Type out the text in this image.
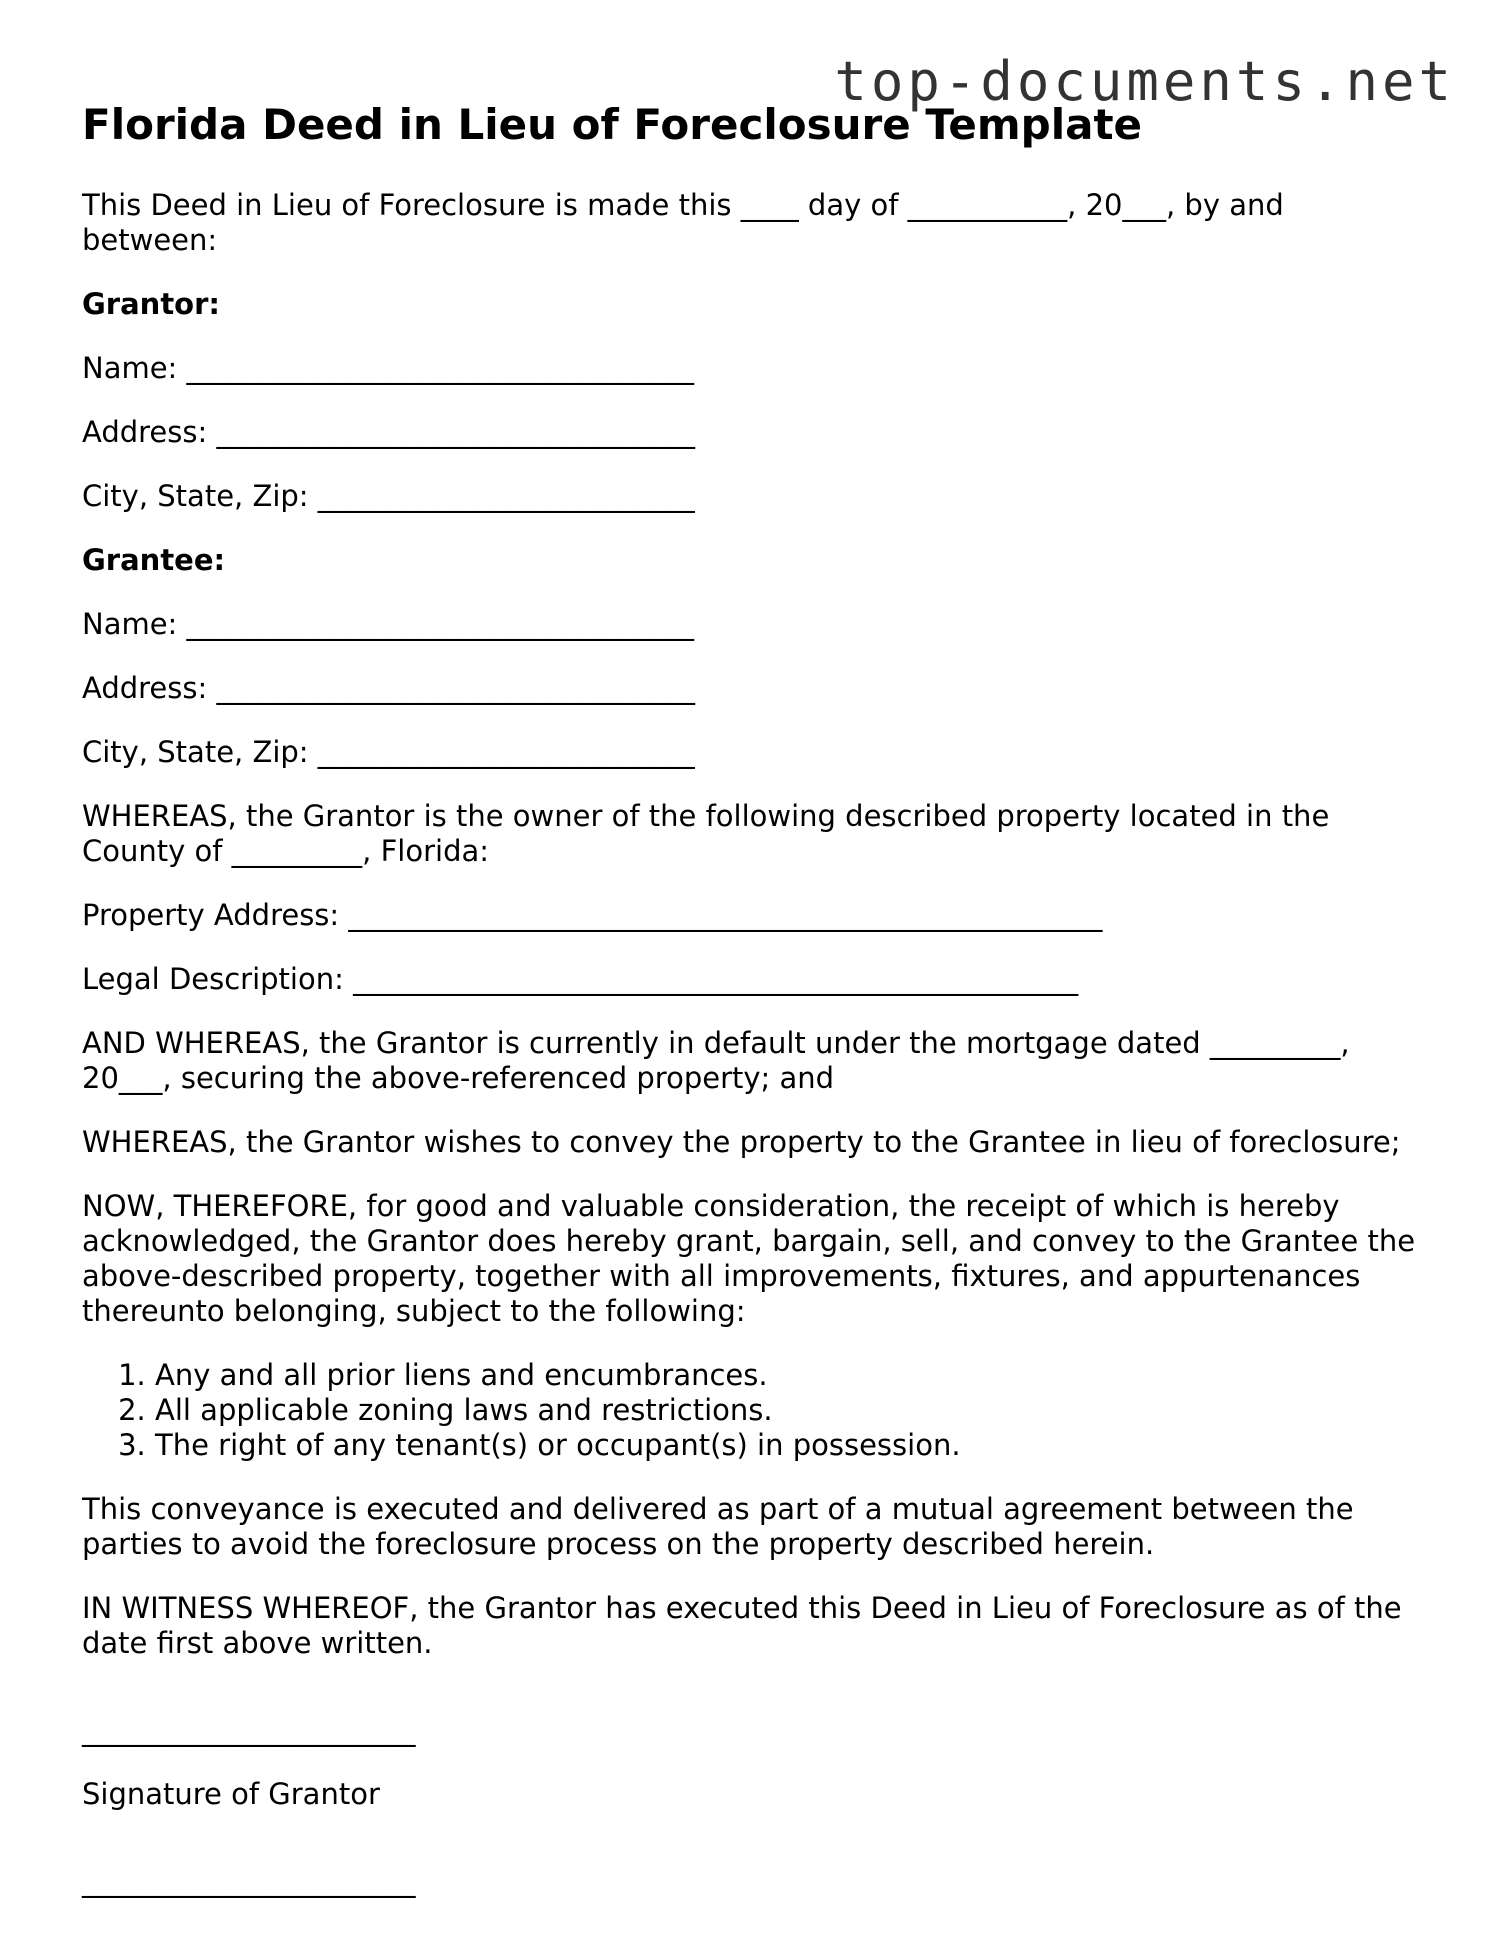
top-documents.net
Florida Deed in Lieu of Foreclosure Template

This Deed in Lieu of Foreclosure is made this ____ day of ___________, 20___, by and between:

Grantor:

Name: ___________________________________

Address: _________________________________

City, State, Zip: __________________________

Grantee:

Name: ___________________________________

Address: _________________________________

City, State, Zip: __________________________

WHEREAS, the Grantor is the owner of the following described property located in the County of _________, Florida:

Property Address: ____________________________________________________

Legal Description: __________________________________________________

AND WHEREAS, the Grantor is currently in default under the mortgage dated _________, 20___, securing the above-referenced property; and

WHEREAS, the Grantor wishes to convey the property to the Grantee in lieu of foreclosure;

NOW, THEREFORE, for good and valuable consideration, the receipt of which is hereby acknowledged, the Grantor does hereby grant, bargain, sell, and convey to the Grantee the above-described property, together with all improvements, fixtures, and appurtenances thereunto belonging, subject to the following:

1. Any and all prior liens and encumbrances.
2. All applicable zoning laws and restrictions.
3. The right of any tenant(s) or occupant(s) in possession.

This conveyance is executed and delivered as part of a mutual agreement between the parties to avoid the foreclosure process on the property described herein.

IN WITNESS WHEREOF, the Grantor has executed this Deed in Lieu of Foreclosure as of the date first above written.

_______________________

Signature of Grantor

_______________________
